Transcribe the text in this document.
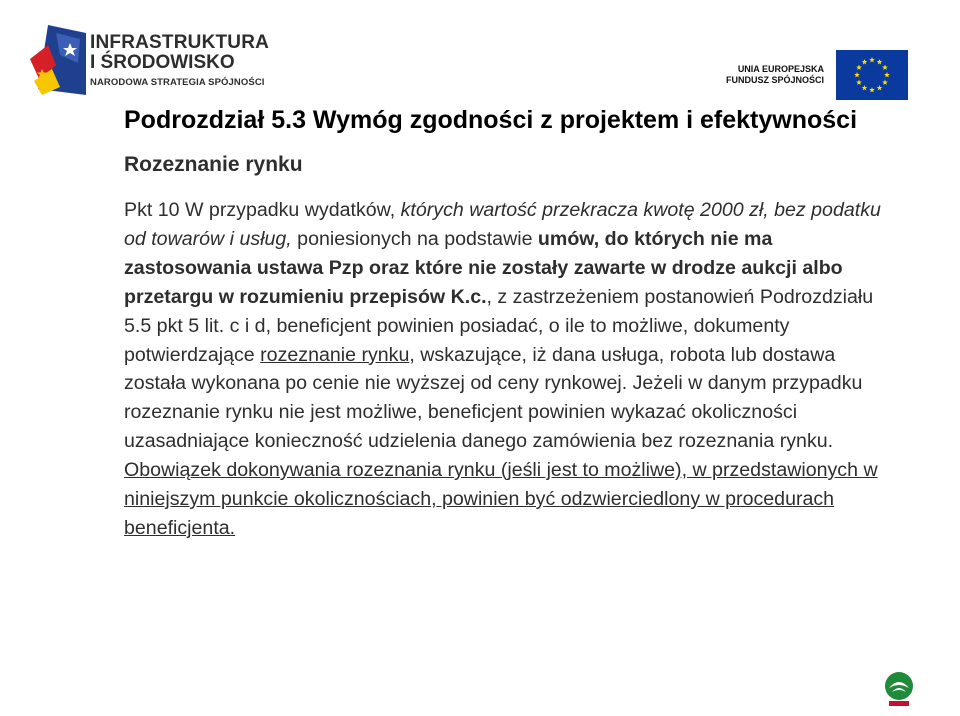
INFRASTRUKTURA
I ŚRODOWISKO
NARODOWA STRATEGIA SPÓJNOŚCI
UNIA EUROPEJSKA
FUNDUSZ SPÓJNOŚCI
Podrozdział 5.3 Wymóg zgodności z projektem i efektywności
Rozeznanie rynku

Pkt 10 W przypadku wydatków, których wartość przekracza kwotę 2000 zł, bez podatku od towarów i usług, poniesionych na podstawie umów, do których nie ma zastosowania ustawa Pzp oraz które nie zostały zawarte w drodze aukcji albo przetargu w rozumieniu przepisów K.c., z zastrzeżeniem postanowień Podrozdziału 5.5 pkt 5 lit. c i d, beneficjent powinien posiadać, o ile to możliwe, dokumenty potwierdzające rozeznanie rynku, wskazujące, iż dana usługa, robota lub dostawa została wykonana po cenie nie wyższej od ceny rynkowej. Jeżeli w danym przypadku rozeznanie rynku nie jest możliwe, beneficjent powinien wykazać okoliczności uzasadniające konieczność udzielenia danego zamówienia bez rozeznania rynku. Obowiązek dokonywania rozeznania rynku (jeśli jest to możliwe), w przedstawionych w niniejszym punkcie okolicznościach, powinien być odzwierciedlony w procedurach beneficjenta.
